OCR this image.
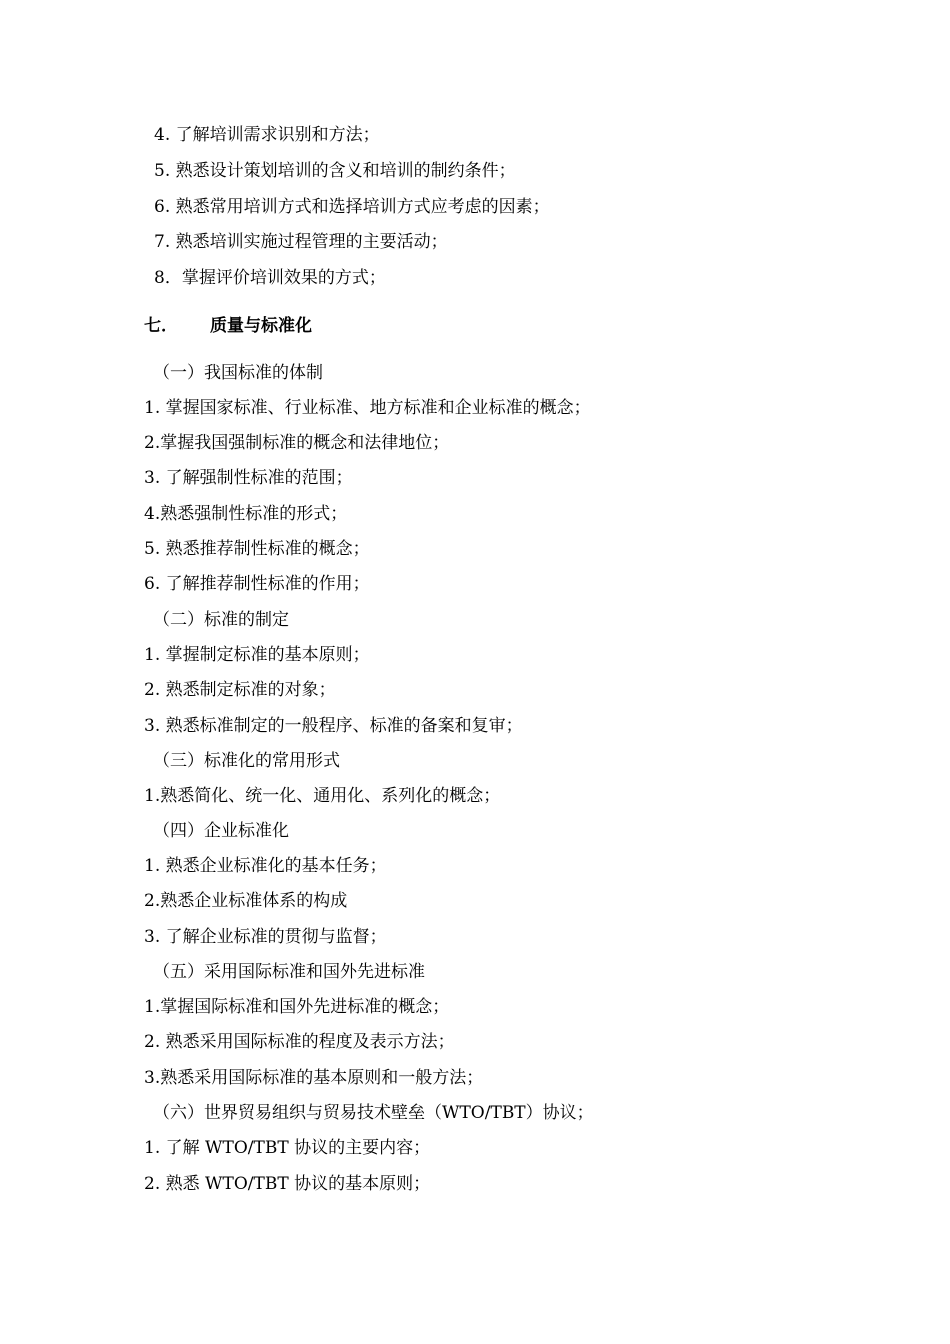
4. 了解培训需求识别和方法；
5. 熟悉设计策划培训的含义和培训的制约条件；
6. 熟悉常用培训方式和选择培训方式应考虑的因素；
7. 熟悉培训实施过程管理的主要活动；
8．掌握评价培训效果的方式；
七． 质量与标准化
（一）我国标准的体制
1. 掌握国家标准、行业标准、地方标准和企业标准的概念；
2.掌握我国强制标准的概念和法律地位；
3. 了解强制性标准的范围；
4.熟悉强制性标准的形式；
5. 熟悉推荐制性标准的概念；
6. 了解推荐制性标准的作用；
（二）标准的制定
1. 掌握制定标准的基本原则；
2. 熟悉制定标准的对象；
3. 熟悉标准制定的一般程序、标准的备案和复审；
（三）标准化的常用形式
1.熟悉简化、统一化、通用化、系列化的概念；
（四）企业标准化
1. 熟悉企业标准化的基本任务；
2.熟悉企业标准体系的构成
3. 了解企业标准的贯彻与监督；
（五）采用国际标准和国外先进标准
1.掌握国际标准和国外先进标准的概念；
2. 熟悉采用国际标准的程度及表示方法；
3.熟悉采用国际标准的基本原则和一般方法；
（六）世界贸易组织与贸易技术壁垒（WTO/TBT）协议；
1. 了解 WTO/TBT 协议的主要内容；
2. 熟悉 WTO/TBT 协议的基本原则；
